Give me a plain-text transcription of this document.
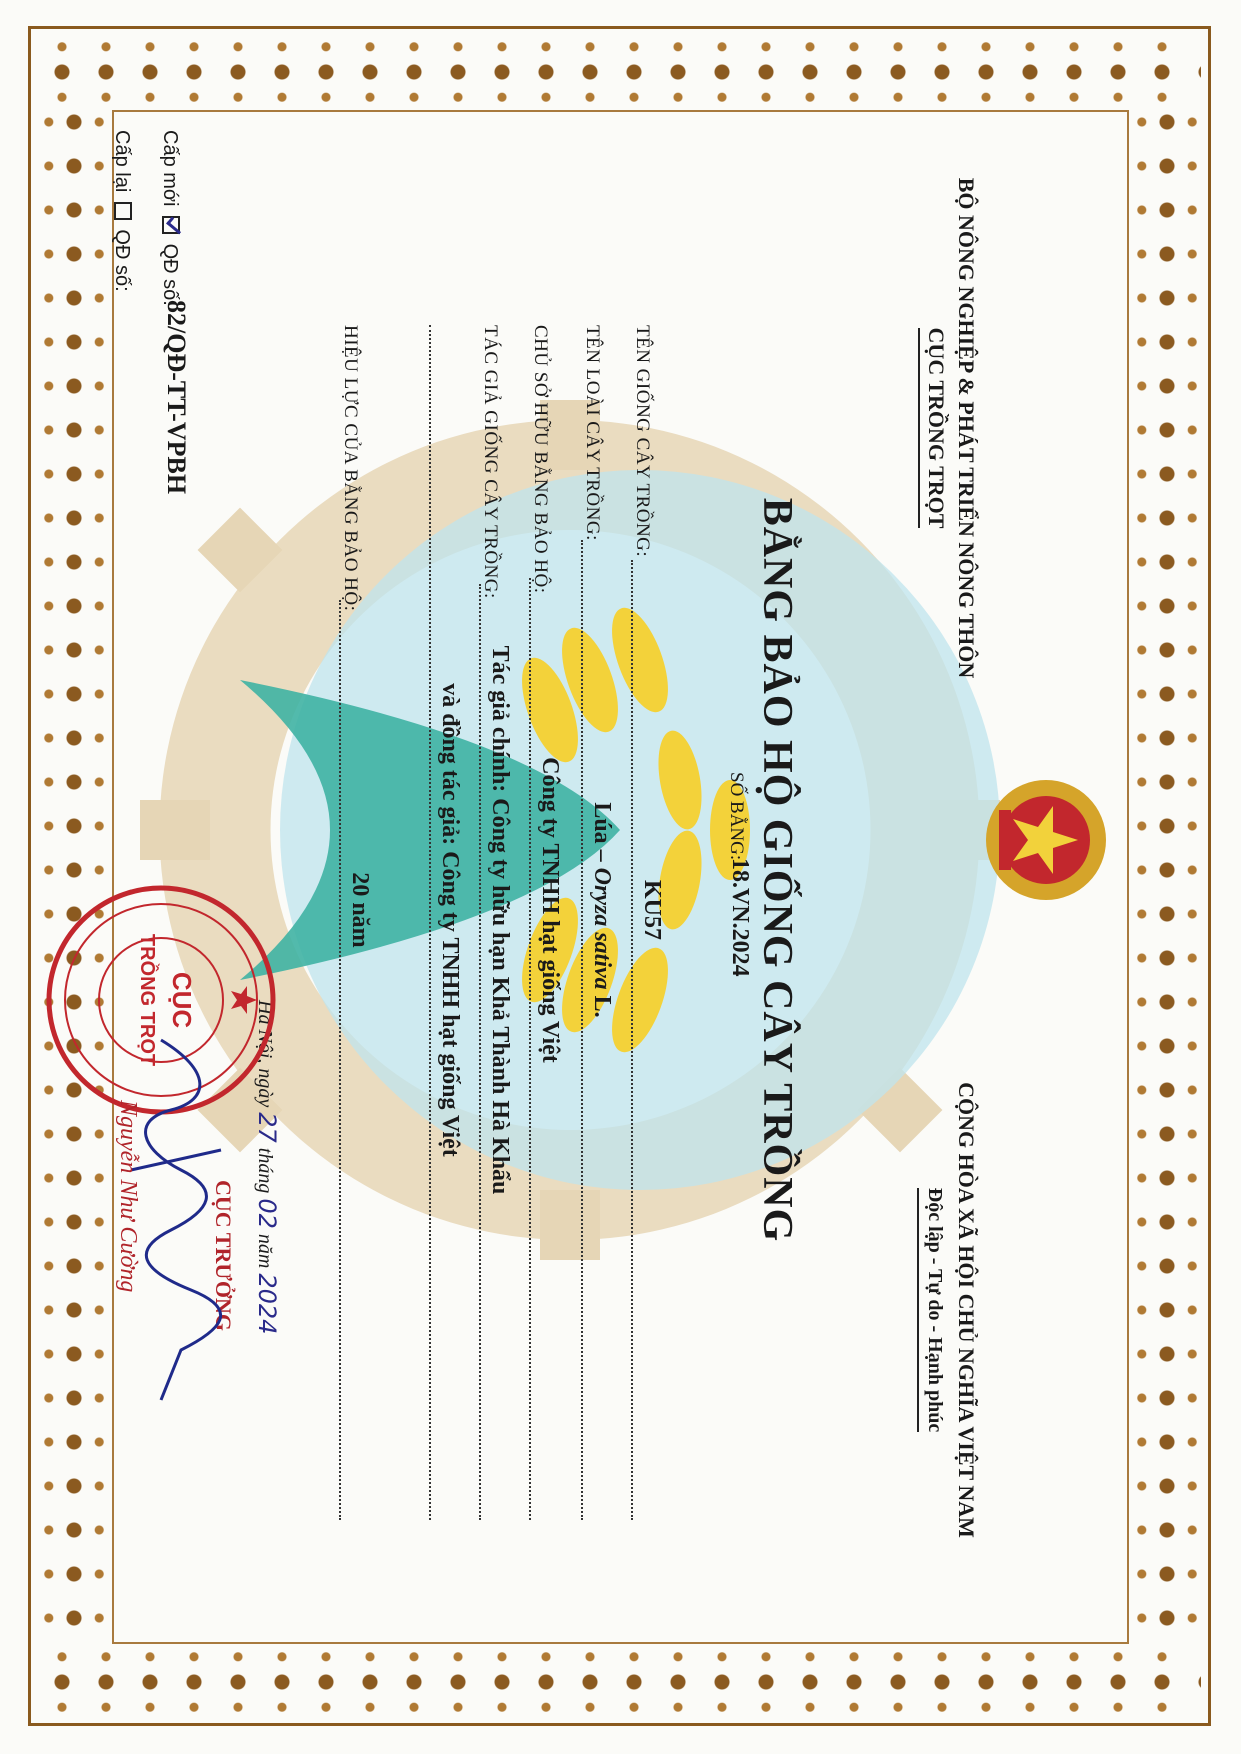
BỘ NÔNG NGHIỆP & PHÁT TRIỂN NÔNG THÔN
CỤC TRỒNG TRỌT
CỘNG HÒA XÃ HỘI CHỦ NGHĨA VIỆT NAM
Độc lập - Tự do - Hạnh phúc
BẰNG BẢO HỘ GIỐNG CÂY TRỒNG
SỐ BẰNG:
18.VN.2024
TÊN GIỐNG CÂY TRỒNG:
KU57
TÊN LOÀI CÂY TRỒNG:
Lúa – Oryza sativa L.
CHỦ SỞ HỮU BẰNG BẢO HỘ:
Công ty TNHH hạt giống Việt
TÁC GIẢ GIỐNG CÂY TRỒNG:
Tác giả chính: Công ty hữu hạn Khả Thành Hà Khẩu
và đồng tác giả: Công ty TNHH hạt giống Việt
HIỆU LỰC CỦA BẰNG BẢO HỘ:
20 năm
Hà Nội, ngày 27 tháng 02 năm 2024
Cấp mới  QĐ số:
82/QĐ-TT-VPBH
Cấp lại  QĐ số:
CỤC
TRỒNG TRỌT
CỤC TRƯỞNG
Nguyễn Như Cường
